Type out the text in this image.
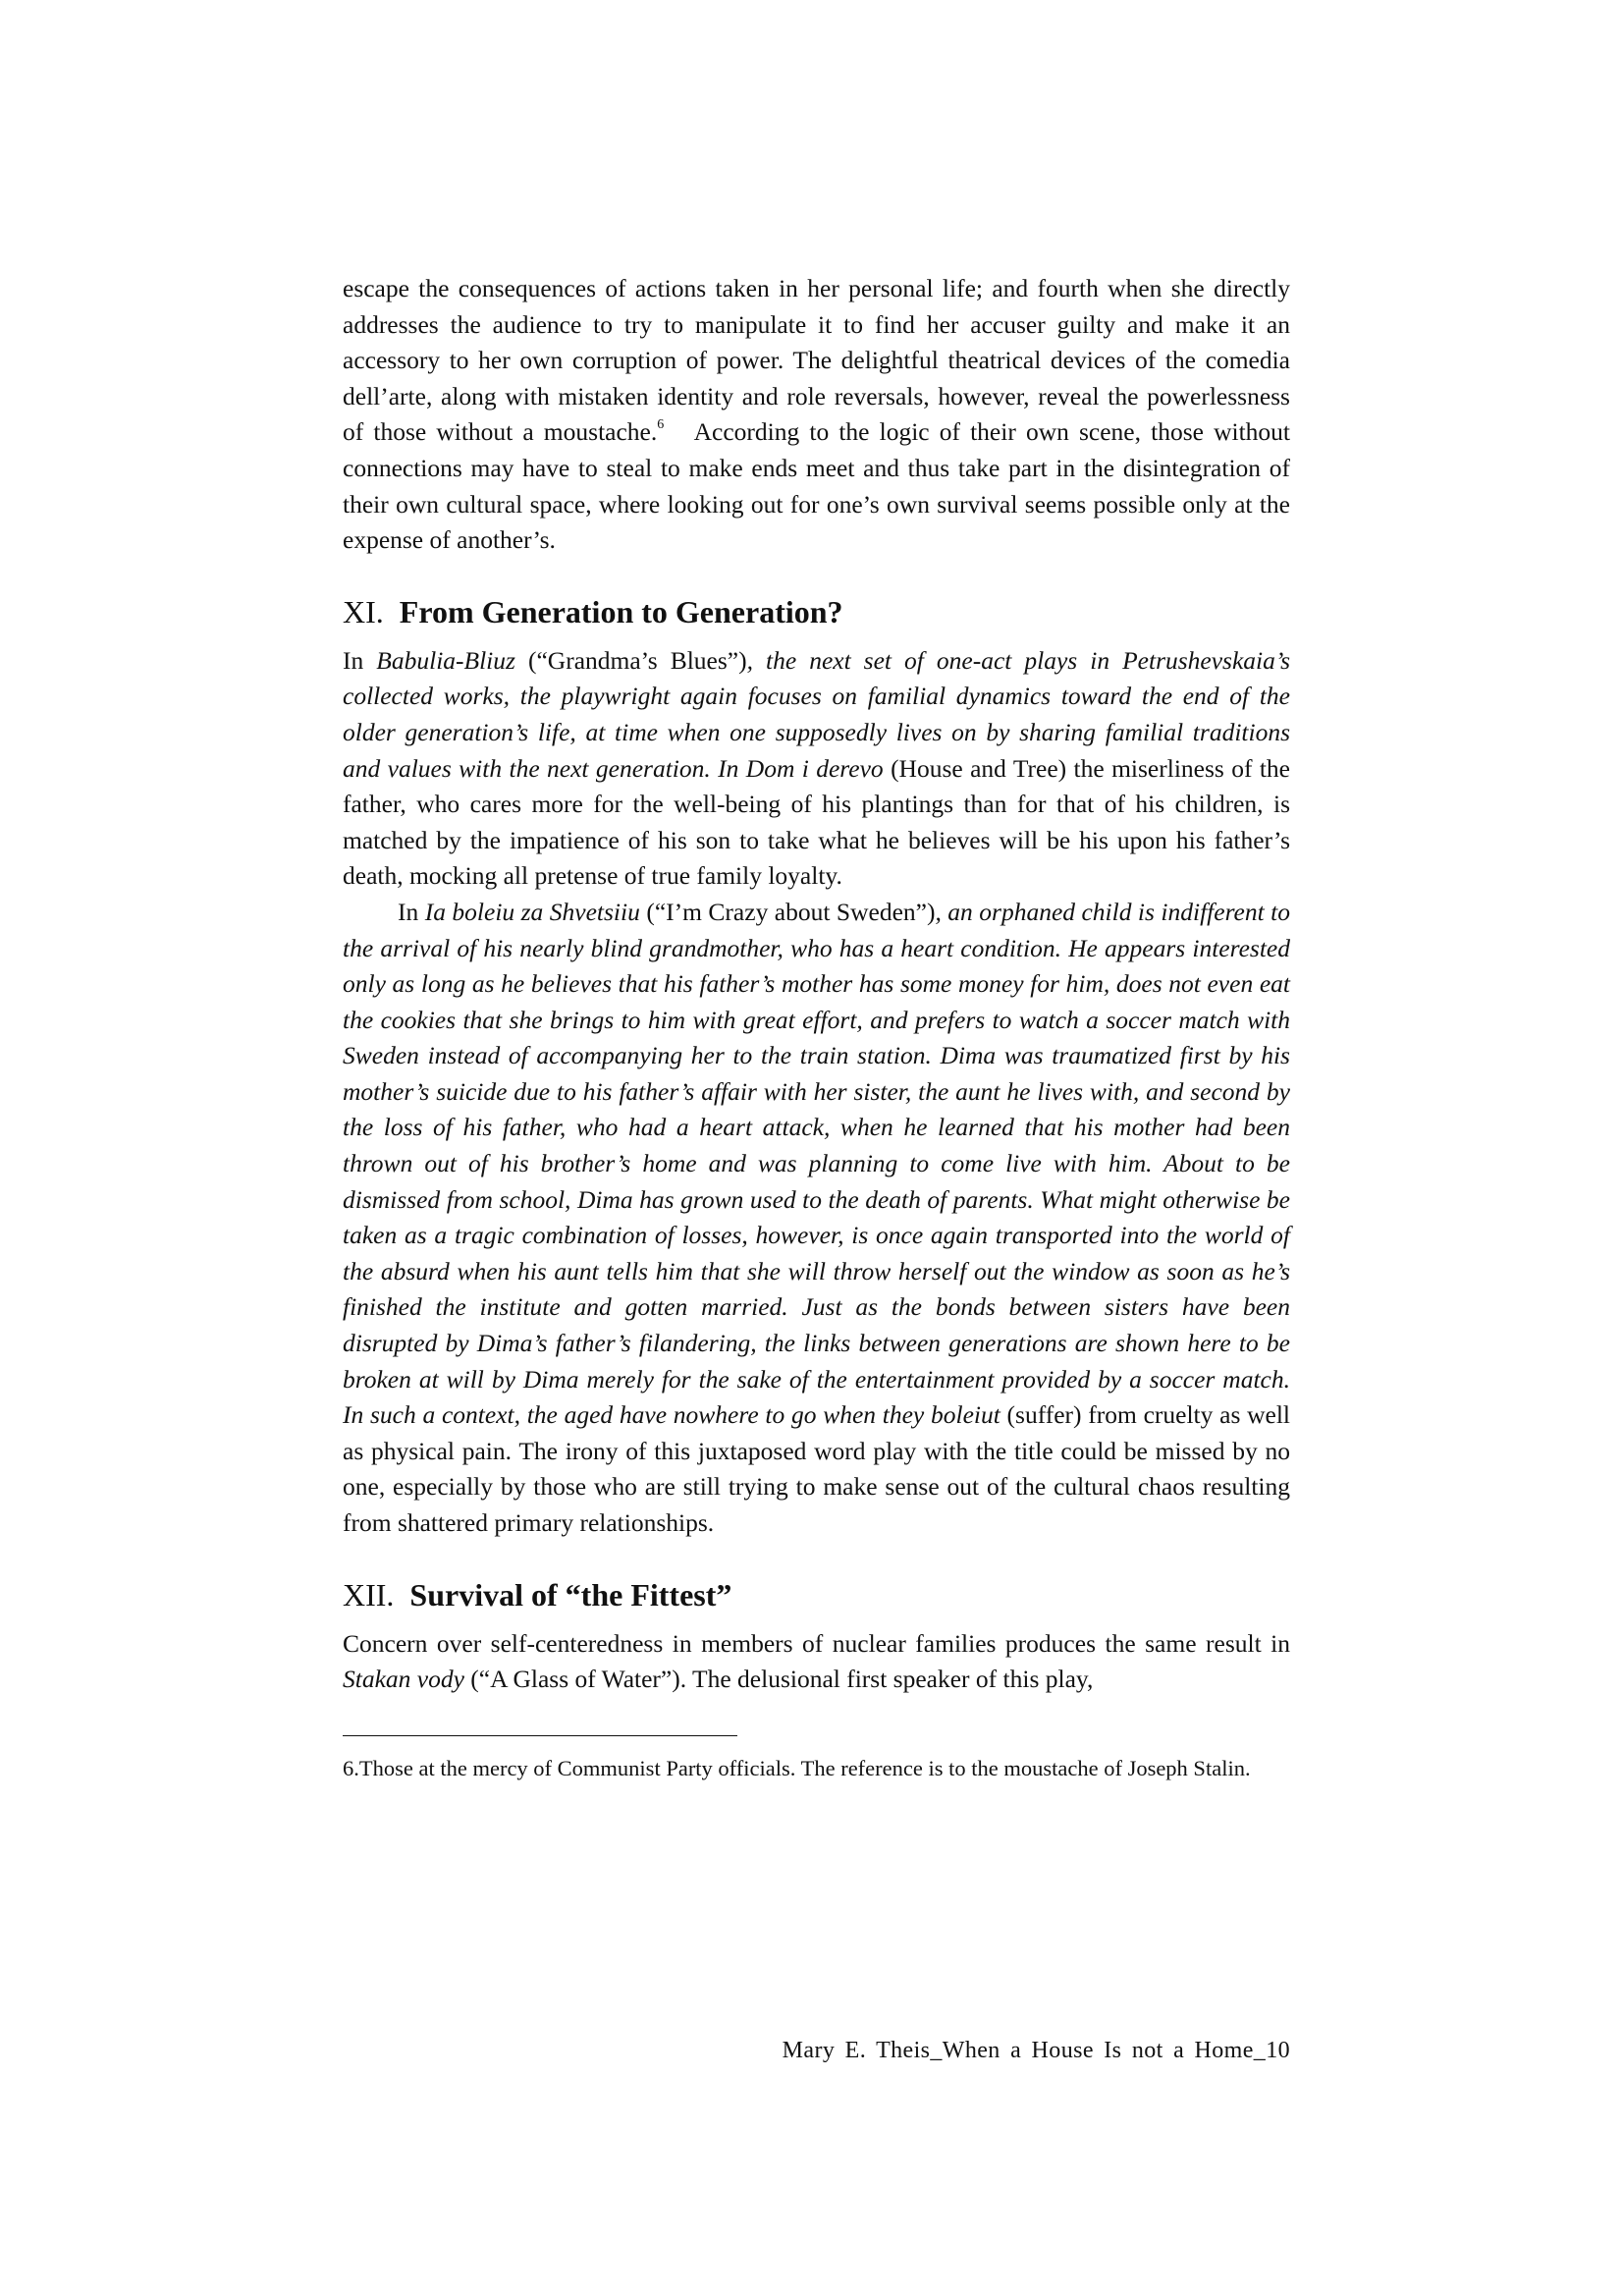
escape the consequences of actions taken in her personal life; and fourth when she directly addresses the audience to try to manipulate it to find her accuser guilty and make it an accessory to her own corruption of power. The delightful theatrical devices of the comedia dell’arte, along with mistaken identity and role reversals, however, reveal the powerlessness of those without a moustache.$^6$ According to the logic of their own scene, those without connections may have to steal to make ends meet and thus take part in the disintegration of their own cultural space, where looking out for one’s own survival seems possible only at the expense of another’s.

XI. From Generation to Generation?

In Babulia-Bliuz (“Grandma’s Blues”), the next set of one-act plays in Petrushevskaia’s collected works, the playwright again focuses on familial dynamics toward the end of the older generation’s life, at time when one supposedly lives on by sharing familial traditions and values with the next generation. In Dom i derevo (House and Tree) the miserliness of the father, who cares more for the well-being of his plantings than for that of his children, is matched by the impatience of his son to take what he believes will be his upon his father’s death, mocking all pretense of true family loyalty.

In Ia boleiu za Shvetsiiu (“I’m Crazy about Sweden”), an orphaned child is indifferent to the arrival of his nearly blind grandmother, who has a heart condition. He appears interested only as long as he believes that his father’s mother has some money for him, does not even eat the cookies that she brings to him with great effort, and prefers to watch a soccer match with Sweden instead of accompanying her to the train station. Dima was traumatized first by his mother’s suicide due to his father’s affair with her sister, the aunt he lives with, and second by the loss of his father, who had a heart attack, when he learned that his mother had been thrown out of his brother’s home and was planning to come live with him. About to be dismissed from school, Dima has grown used to the death of parents. What might otherwise be taken as a tragic combination of losses, however, is once again transported into the world of the absurd when his aunt tells him that she will throw herself out the window as soon as he’s finished the institute and gotten married. Just as the bonds between sisters have been disrupted by Dima’s father’s filandering, the links between generations are shown here to be broken at will by Dima merely for the sake of the entertainment provided by a soccer match. In such a context, the aged have nowhere to go when they boleiut (suffer) from cruelty as well as physical pain. The irony of this juxtaposed word play with the title could be missed by no one, especially by those who are still trying to make sense out of the cultural chaos resulting from shattered primary relationships.

XII. Survival of “the Fittest”

Concern over self-centeredness in members of nuclear families produces the same result in Stakan vody (“A Glass of Water”). The delusional first speaker of this play,

6.Those at the mercy of Communist Party officials. The reference is to the moustache of Joseph Stalin.

Mary E. Theis_When a House Is not a Home_10
